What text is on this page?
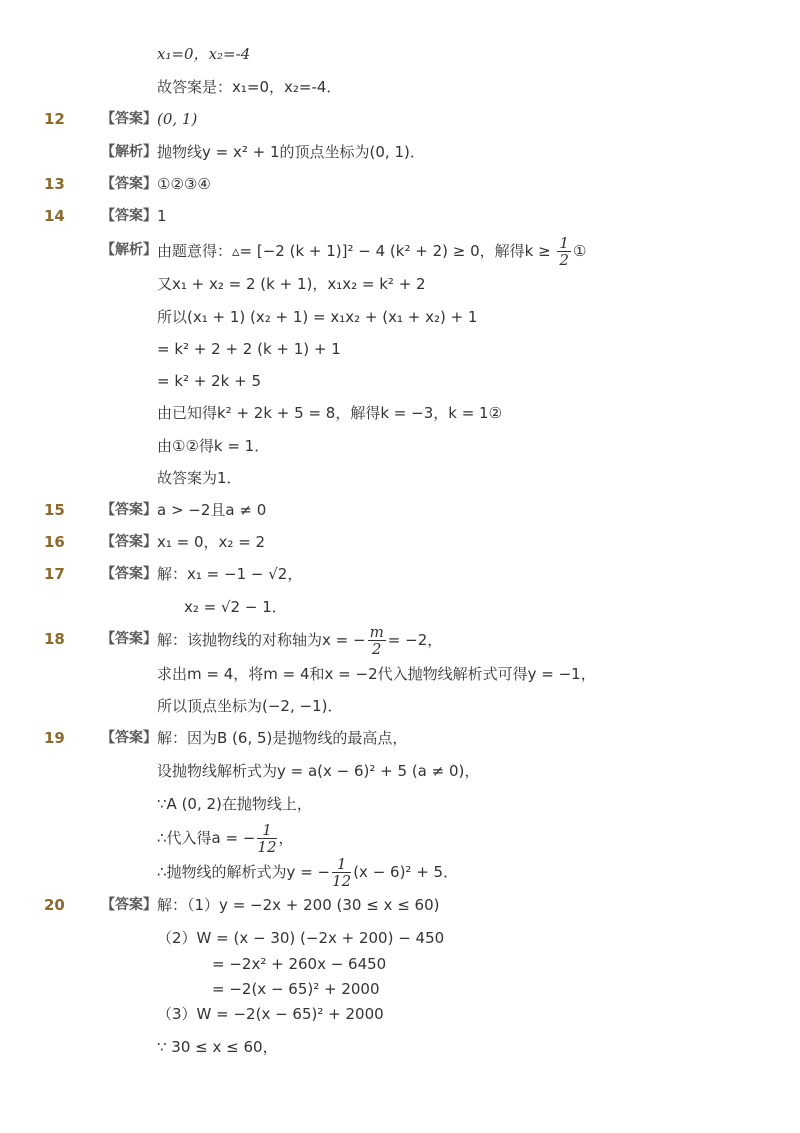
x₁=0，x₂=-4
故答案是：x₁=0，x₂=-4．
12	【答案】 (0, 1)
【解析】 抛物线y = x² + 1的顶点坐标为(0, 1)．
13	【答案】 ①②③④
14	【答案】 1
【解析】 由题意得：▵= [−2 (k + 1)]² − 4 (k² + 2) ≥ 0，解得$k \ge \frac{1}{2}$ ①
又x₁ + x₂ = 2 (k + 1)，x₁x₂ = k² + 2
所以(x₁ + 1) (x₂ + 1) = x₁x₂ + (x₁ + x₂) + 1
= k² + 2 + 2 (k + 1) + 1
= k² + 2k + 5
由已知得k² + 2k + 5 = 8，解得k = −3，k = 1②
由①②得k = 1．
故答案为1．
15	【答案】 a > −2且a ≠ 0
16	【答案】 x₁ = 0，x₂ = 2
17	【答案】 解：x₁ = −1 − √2，
x₂ = √2 − 1．
18	【答案】 解：该抛物线的对称轴为x = − $\frac{m}{2} = -2$，
求出m = 4，将m = 4和x = −2代入抛物线解析式可得y = −1，
所以顶点坐标为(−2, −1)．
19	【答案】 解：因为B (6, 5)是抛物线的最高点，
设抛物线解析式为y = a(x − 6)² + 5 (a ≠ 0)，
∵A (0, 2)在抛物线上，
∴代入得a = − $\frac{1}{12}$ ，
∴抛物线的解析式为y = − $\frac{1}{12} (x - 6)^2 + 5$．
20	【答案】 解：（1）y = −2x + 200 (30 ≤ x ≤ 60)
（2）W = (x − 30) (−2x + 200) − 450
= −2x² + 260x − 6450
= −2(x − 65)² + 2000
（3）W = −2(x − 65)² + 2000
∵ 30 ≤ x ≤ 60，
